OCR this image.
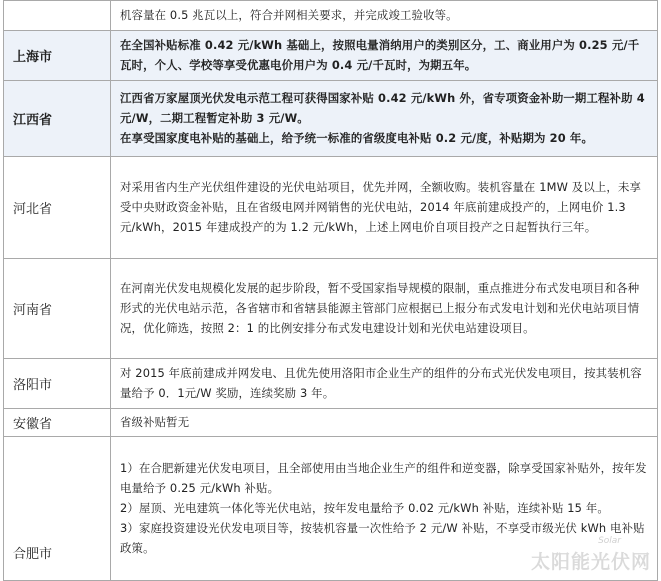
	机容量在 0.5 兆瓦以上，符合并网相关要求，并完成竣工验收等。

上海市	在全国补贴标准 0.42 元/kWh 基础上，按照电量消纳用户的类别区分，工、商业用户为 0.25 元/千瓦时，个人、学校等享受优惠电价用户为 0.4 元/千瓦时，为期五年。

江西省	江西省万家屋顶光伏发电示范工程可获得国家补贴 0.42 元/kWh 外，省专项资金补助一期工程补助 4 元/W，二期工程暂定补助 3 元/W。
在享受国家度电补贴的基础上，给予统一标准的省级度电补贴 0.2 元/度，补贴期为 20 年。

河北省	对采用省内生产光伏组件建设的光伏电站项目，优先并网，全额收购。装机容量在 1MW 及以上，未享受中央财政资金补贴，且在省级电网并网销售的光伏电站，2014 年底前建成投产的，上网电价 1.3 元/kWh，2015 年建成投产的为 1.2 元/kWh，上述上网电价自项目投产之日起暂执行三年。

河南省	在河南光伏发电规模化发展的起步阶段，暂不受国家指导规模的限制，重点推进分布式发电项目和各种形式的光伏电站示范，各省辖市和省辖县能源主管部门应根据已上报分布式发电计划和光伏电站项目情况，优化筛选，按照 2：1 的比例安排分布式发电建设计划和光伏电站建设项目。

洛阳市	对 2015 年底前建成并网发电、且优先使用洛阳市企业生产的组件的分布式光伏发电项目，按其装机容量给予 0．1元/W 奖励，连续奖励 3 年。

安徽省	省级补贴暂无

合肥市	1）在合肥新建光伏发电项目，且全部使用由当地企业生产的组件和逆变器，除享受国家补贴外，按年发电量给予 0.25 元/kWh 补贴。
2）屋顶、光电建筑一体化等光伏电站，按年发电量给予 0.02 元/kWh 补贴，连续补贴 15 年。
3）家庭投资建设光伏发电项目等，按装机容量一次性给予 2 元/W 补贴，不享受市级光伏 kWh 电补贴政策。	Solar
太阳能光伏网
